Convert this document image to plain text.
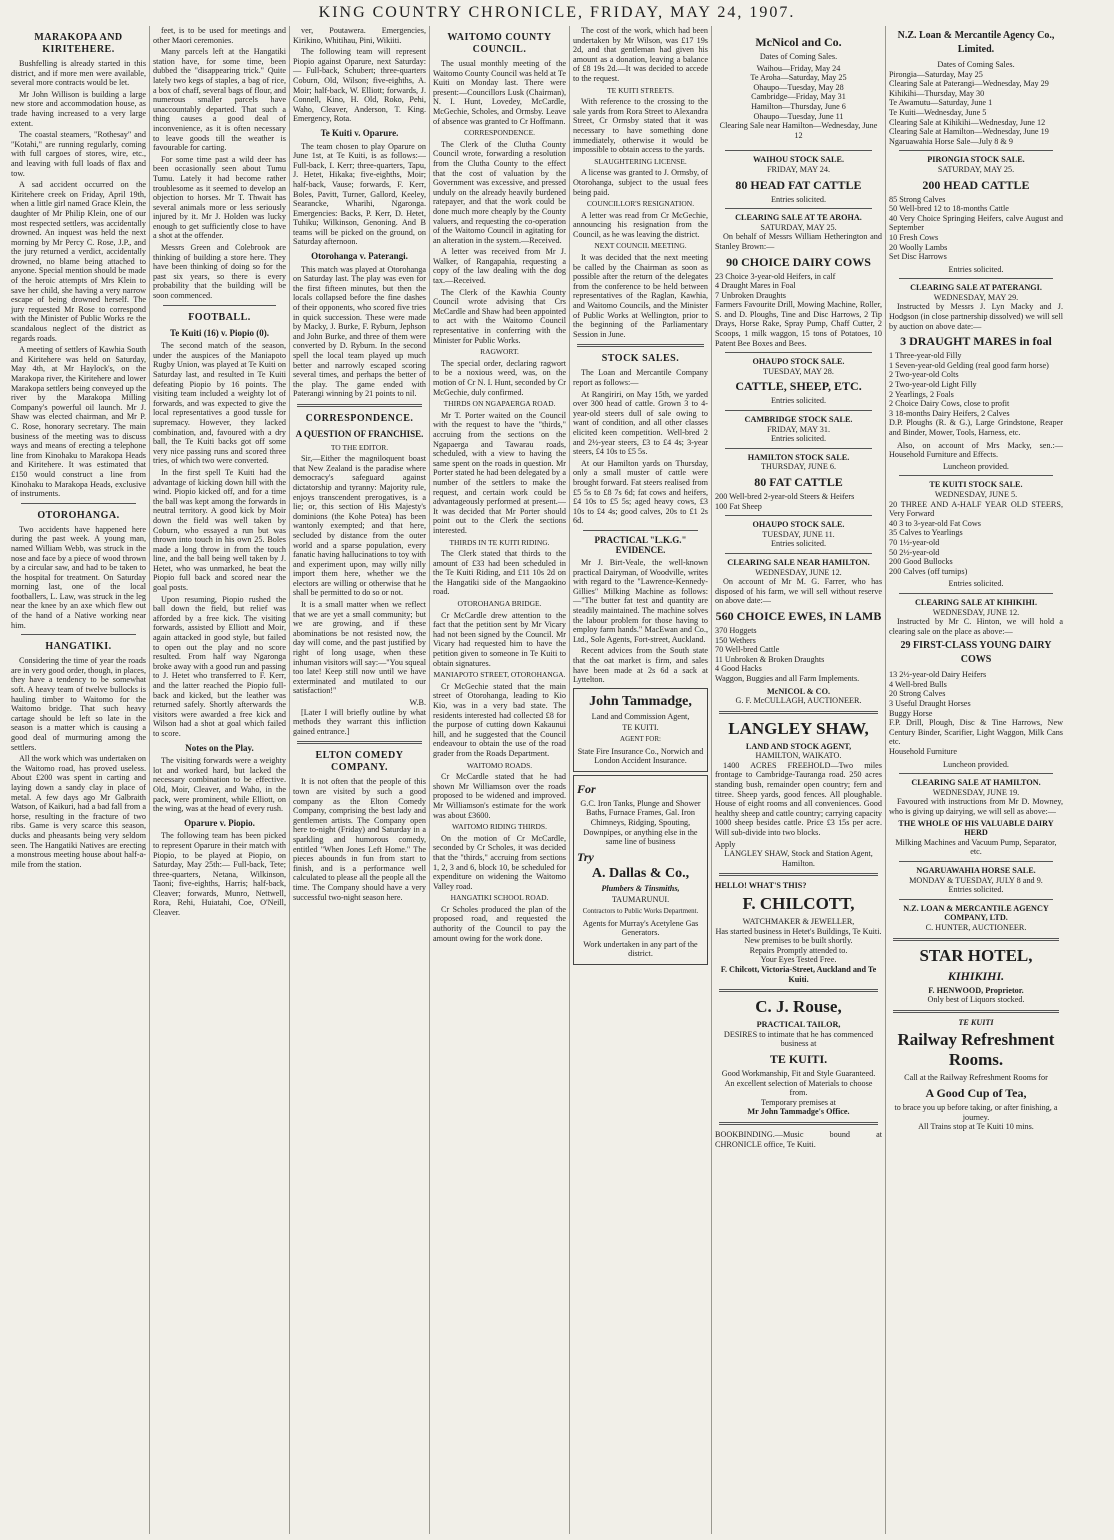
KING COUNTRY CHRONICLE, FRIDAY, MAY 24, 1907.
MARAKOPA AND KIRITEHERE.

Bushfelling is already started in this district, and if more men were available, several more contracts would be let.

Mr John Willison is building a large new store and accommodation house, as trade having increased to a very large extent.

The coastal steamers, "Rothesay" and "Kotahi," are running regularly, coming with full cargoes of stores, wire, etc., and leaving with full loads of flax and tow.

A sad accident occurred on the Kiritehere creek on Friday, April 19th, when a little girl named Grace Klein, the daughter of Mr Philip Klein, one of our most respected settlers, was accidentally drowned. An inquest was held the next morning by Mr Percy C. Rose, J.P., and the jury returned a verdict, accidentally drowned, no blame being attached to anyone. Special mention should be made of the heroic attempts of Mrs Klein to save her child, she having a very narrow escape of being drowned herself. The jury requested Mr Rose to correspond with the Minister of Public Works re the scandalous neglect of the district as regards roads.

A meeting of settlers of Kawhia South and Kiritehere was held on Saturday, May 4th, at Mr Haylock's, on the Marakopa river, the Kiritehere and lower Marakopa settlers being conveyed up the river by the Marakopa Milling Company's powerful oil launch. Mr J. Shaw was elected chairman, and Mr P. C. Rose, honorary secretary. The main business of the meeting was to discuss ways and means of erecting a telephone line from Kinohaku to Marakopa Heads and Kiritehere. It was estimated that £150 would construct a line from Kinohaku to Marakopa Heads, exclusive of instruments.

OTOROHANGA.

Two accidents have happened here during the past week. A young man, named William Webb, was struck in the nose and face by a piece of wood thrown by a circular saw, and had to be taken to the hospital for treatment. On Saturday morning last, one of the local footballers, L. Law, was struck in the leg near the knee by an axe which flew out of the hand of a Native working near him.

HANGATIKI.

Considering the time of year the roads are in very good order, though, in places, they have a tendency to be somewhat soft. A heavy team of twelve bullocks is hauling timber to Waitomo for the Waitomo bridge. That such heavy cartage should be left so late in the season is a matter which is causing a good deal of murmuring among the settlers.

All the work which was undertaken on the Waitomo road, has proved useless. About £200 was spent in carting and laying down a sandy clay in place of metal. A few days ago Mr Galbraith Watson, of Kaikuri, had a bad fall from a horse, resulting in the fracture of two ribs. Game is very scarce this season, ducks and pheasants being very seldom seen. The Hangatiki Natives are erecting a monstrous meeting house about half-a-mile from the station.

feet, is to be used for meetings and other Maori ceremonies.

Many parcels left at the Hangatiki station have, for some time, been dubbed the "disappearing trick." Quite lately two kegs of staples, a bag of rice, a box of chaff, several bags of flour, and numerous smaller parcels have unaccountably departed. That such a thing causes a good deal of inconvenience, as it is often necessary to leave goods till the weather is favourable for carting.

For some time past a wild deer has been occasionally seen about Tumu Tumu. Lately it had become rather troublesome as it seemed to develop an objection to horses. Mr T. Thwait has several animals more or less seriously injured by it. Mr J. Holden was lucky enough to get sufficiently close to have a shot at the offender.

Messrs Green and Colebrook are thinking of building a store here. They have been thinking of doing so for the past six years, so there is every probability that the building will be soon commenced.

FOOTBALL.
Te Kuiti (16) v. Piopio (0).

The second match of the season, under the auspices of the Maniapoto Rugby Union, was played at Te Kuiti on Saturday last, and resulted in Te Kuiti defeating Piopio by 16 points. The visiting team included a weighty lot of forwards, and was expected to give the local representatives a good tussle for supremacy. However, they lacked combination, and, favoured with a dry ball, the Te Kuiti backs got off some very nice passing runs and scored three tries, of which two were converted.

In the first spell Te Kuiti had the advantage of kicking down hill with the wind. Piopio kicked off, and for a time the ball was kept among the forwards in neutral territory. A good kick by Moir down the field was well taken by Coburn, who essayed a run but was thrown into touch in his own 25. Boles made a long throw in from the touch line, and the ball being well taken by J. Hetet, who was unmarked, he beat the Piopio full back and scored near the goal posts.

Upon resuming, Piopio rushed the ball down the field, but relief was afforded by a free kick. The visiting forwards, assisted by Elliott and Moir, again attacked in good style, but failed to open out the play and no score resulted. From half way Ngaronga broke away with a good run and passing to J. Hetet who transferred to F. Kerr, and the latter reached the Piopio full-back and kicked, but the leather was returned safely. Shortly afterwards the visitors were awarded a free kick and Wilson had a shot at goal which failed to score.

Notes on the Play.

The visiting forwards were a weighty lot and worked hard, but lacked the necessary combination to be effective. Old, Moir, Cleaver, and Waho, in the pack, were prominent, while Elliott, on the wing, was at the head of every rush.

Oparure v. Piopio.

The following team has been picked to represent Oparure in their match with Piopio, to be played at Piopio, on Saturday, May 25th:— Full-back, Tete; three-quarters, Netana, Wilkinson, Taoni; five-eighths, Harris; half-back, Cleaver; forwards, Munro, Nettwell, Rora, Rehi, Huiatahi, Coe, O'Neill, Cleaver.

ver, Poutawera. Emergencies, Kirikino, Whitihau, Pini, Wikiiti.

The following team will represent Piopio against Oparure, next Saturday:— Full-back, Schubert; three-quarters Coburn, Old, Wilson; five-eighths, A. Moir; half-back, W. Elliott; forwards, J. Connell, Kino, H. Old, Roko, Pehi, Waho, Cleaver, Anderson, T. King. Emergency, Rota.

Te Kuiti v. Oparure.

The team chosen to play Oparure on June 1st, at Te Kuiti, is as follows:— Full-back, I. Kerr; three-quarters, Tapu, J. Hetet, Hikaka; five-eighths, Moir; half-back, Vause; forwards, F. Kerr, Boles, Pavitt, Turner, Gallord, Keeley, Searancke, Wharihi, Ngaronga. Emergencies: Backs, P. Kerr, D. Hetet, Tuhiku; Wilkinson, Genoning. And B teams will be picked on the ground, on Saturday afternoon.

Otorohanga v. Paterangi.

This match was played at Otorohanga on Saturday last. The play was even for the first fifteen minutes, but then the locals collapsed before the fine dashes of their opponents, who scored five tries in quick succession. These were made by Macky, J. Burke, F. Ryburn, Jephson and John Burke, and three of them were converted by D. Ryburn. In the second spell the local team played up much better and narrowly escaped scoring several times, and perhaps the better of the play. The game ended with Paterangi winning by 21 points to nil.

CORRESPONDENCE.
A QUESTION OF FRANCHISE.
TO THE EDITOR.

Sir,—Either the magniloquent boast that New Zealand is the paradise where democracy's safeguard against dictatorship and tyranny: Majority rule, enjoys transcendent prerogatives, is a lie; or, this section of His Majesty's dominions (the Kohe Potea) has been wantonly exempted; and that here, secluded by distance from the outer world and a sparse population, every fanatic having hallucinations to toy with and experiment upon, may willy nilly import them here, whether we the electors are willing or otherwise that he shall be permitted to do so or not.

It is a small matter when we reflect that we are yet a small community; but we are growing, and if these abominations be not resisted now, the day will come, and the past justified by right of long usage, when these inhuman visitors will say:—"You squeal too late! Keep still now until we have exterminated and mutilated to our satisfaction!"

W.B.

[Later I will briefly outline by what methods they warrant this infliction gained entrance.]

ELTON COMEDY COMPANY.

It is not often that the people of this town are visited by such a good company as the Elton Comedy Company, comprising the best lady and gentlemen artists. The Company open here to-night (Friday) and Saturday in a sparkling and humorous comedy, entitled "When Jones Left Home." The pieces abounds in fun from start to finish, and is a performance well calculated to please all the people all the time. The Company should have a very successful two-night season here.

WAITOMO COUNTY COUNCIL.

The usual monthly meeting of the Waitomo County Council was held at Te Kuiti on Monday last. There were present:—Councillors Lusk (Chairman), N. I. Hunt, Lovedey, McCardle, McGechie, Scholes, and Ormsby. Leave of absence was granted to Cr Hoffmann.

CORRESPONDENCE.

The Clerk of the Clutha County Council wrote, forwarding a resolution from the Clutha County to the effect that the cost of valuation by the Government was excessive, and pressed unduly on the already heavily burdened ratepayer, and that the work could be done much more cheaply by the County valuers, and requesting the co-operation of the Waitomo Council in agitating for an alteration in the system.—Received.

A letter was received from Mr J. Walker, of Rangapahia, requesting a copy of the law dealing with the dog tax.—Received.

The Clerk of the Kawhia County Council wrote advising that Crs McCardle and Shaw had been appointed to act with the Waitomo Council representative in conferring with the Minister for Public Works.

RAGWORT.

The special order, declaring ragwort to be a noxious weed, was, on the motion of Cr N. I. Hunt, seconded by Cr McGechie, duly confirmed.

THIRDS ON NGAPAERGA ROAD.

Mr T. Porter waited on the Council with the request to have the "thirds," accruing from the sections on the Ngapaerga and Tawarau roads, scheduled, with a view to having the same spent on the roads in question. Mr Porter stated he had been delegated by a number of the settlers to make the request, and certain work could be advantageously performed at present.—It was decided that Mr Porter should point out to the Clerk the sections interested.

THIRDS IN TE KUITI RIDING.

The Clerk stated that thirds to the amount of £33 had been scheduled in the Te Kuiti Riding, and £11 10s 2d on the Hangatiki side of the Mangaokino road.

OTOROHANGA BRIDGE.

Cr McCardle drew attention to the fact that the petition sent by Mr Vicary had not been signed by the Council. Mr Vicary had requested him to have the petition given to someone in Te Kuiti to obtain signatures.

MANIAPOTO STREET, OTOROHANGA.

Cr McGechie stated that the main street of Otorohanga, leading to Kio Kio, was in a very bad state. The residents interested had collected £8 for the purpose of cutting down Kakaunui hill, and he suggested that the Council endeavour to obtain the use of the road grader from the Roads Department.

WAITOMO ROADS.

Cr McCardle stated that he had shown Mr Williamson over the roads proposed to be widened and improved. Mr Williamson's estimate for the work was about £3600.

WAITOMO RIDING THIRDS.

On the motion of Cr McCardle, seconded by Cr Scholes, it was decided that the "thirds," accruing from sections 1, 2, 3 and 6, block 10, be scheduled for expenditure on widening the Waitomo Valley road.

HANGATIKI SCHOOL ROAD.

Cr Scholes produced the plan of the proposed road, and requested the authority of the Council to pay the amount owing for the work done.

The cost of the work, which had been undertaken by Mr Wilson, was £17 19s 2d, and that gentleman had given his amount as a donation, leaving a balance of £8 19s 2d.—It was decided to accede to the request.

TE KUITI STREETS.

With reference to the crossing to the sale yards from Rora Street to Alexandra Street, Cr Ormsby stated that it was necessary to have something done immediately, otherwise it would be impossible to obtain access to the yards.

SLAUGHTERING LICENSE.

A license was granted to J. Ormsby, of Otorohanga, subject to the usual fees being paid.

COUNCILLOR'S RESIGNATION.

A letter was read from Cr McGechie, announcing his resignation from the Council, as he was leaving the district.

NEXT COUNCIL MEETING.

It was decided that the next meeting be called by the Chairman as soon as possible after the return of the delegates from the conference to be held between representatives of the Raglan, Kawhia, and Waitomo Councils, and the Minister of Public Works at Wellington, prior to the beginning of the Parliamentary Session in June.

STOCK SALES.

The Loan and Mercantile Company report as follows:—

At Rangiriri, on May 15th, we yarded over 300 head of cattle. Grown 3 to 4-year-old steers dull of sale owing to want of condition, and all other classes elicited keen competition. Well-bred 2 and 2½-year steers, £3 to £4 4s; 3-year steers, £4 10s to £5 5s.

At our Hamilton yards on Thursday, only a small muster of cattle were brought forward. Fat steers realised from £5 5s to £8 7s 6d; fat cows and heifers, £4 10s to £5 5s; aged heavy cows, £3 10s to £4 4s; good calves, 20s to £1 2s 6d.

PRACTICAL "L.K.G." EVIDENCE.

Mr J. Birt-Veale, the well-known practical Dairyman, of Woodville, writes with regard to the "Lawrence-Kennedy-Gillies" Milking Machine as follows:—"The butter fat test and quantity are steadily maintained. The machine solves the labour problem for those having to employ farm hands." MacEwan and Co., Ltd., Sole Agents, Fort-street, Auckland.

Recent advices from the South state that the oat market is firm, and sales have been made at 2s 6d a sack at Lyttelton.

John Tammadge,

Land and Commission Agent,

TE KUITI.

AGENT FOR:

State Fire Insurance Co., Norwich and London Accident Insurance.

For

G.C. Iron Tanks, Plunge and Shower Baths, Furnace Frames, Gal. Iron Chimneys, Ridging, Spouting, Downpipes, or anything else in the same line of business

Try
A. Dallas & Co.,

Plumbers & Tinsmiths,

TAUMARUNUI.

Contractors to Public Works Department.

Agents for Murray's Acetylene Gas Generators.

Work undertaken in any part of the district.

McNicol and Co.

Dates of Coming Sales.

Waihou—Friday, May 24
Te Aroha—Saturday, May 25
Ohaupo—Tuesday, May 28
Cambridge—Friday, May 31
Hamilton—Thursday, June 6
Ohaupo—Tuesday, June 11
Clearing Sale near Hamilton—Wednesday, June 12
WAIHOU STOCK SALE.
FRIDAY, MAY 24.
80 HEAD FAT CATTLE
Entries solicited.
CLEARING SALE AT TE AROHA.
SATURDAY, MAY 25.

On behalf of Messrs William Hetherington and Stanley Brown:—

90 CHOICE DAIRY COWS
23 Choice 3-year-old Heifers, in calf
4 Draught Mares in Foal
7 Unbroken Draughts
Farmers Favourite Drill, Mowing Machine, Roller, S. and D. Ploughs, Tine and Disc Harrows, 2 Tip Drays, Horse Rake, Spray Pump, Chaff Cutter, 2 Scoops, 1 milk waggon, 15 tons of Potatoes, 10 Patent Bee Boxes and Bees.
OHAUPO STOCK SALE.
TUESDAY, MAY 28.
CATTLE, SHEEP, ETC.
Entries solicited.
CAMBRIDGE STOCK SALE.
FRIDAY, MAY 31.
Entries solicited.
HAMILTON STOCK SALE.
THURSDAY, JUNE 6.
80 FAT CATTLE
200 Well-bred 2-year-old Steers & Heifers
100 Fat Sheep
OHAUPO STOCK SALE.
TUESDAY, JUNE 11.
Entries solicited.
CLEARING SALE NEAR HAMILTON.
WEDNESDAY, JUNE 12.

On account of Mr M. G. Farrer, who has disposed of his farm, we will sell without reserve on above date:—

560 CHOICE EWES, IN LAMB
370 Hoggets
150 Wethers
70 Well-bred Cattle
11 Unbroken & Broken Draughts
4 Good Hacks
Waggon, Buggies and all Farm Implements.
McNICOL & CO.
G. F. McCULLAGH, AUCTIONEER.
LANGLEY SHAW,
LAND AND STOCK AGENT,
HAMILTON, WAIKATO.

1400 ACRES FREEHOLD—Two miles frontage to Cambridge-Tauranga road. 250 acres standing bush, remainder open country; fern and titree. Sheep yards, good fences. All ploughable. House of eight rooms and all conveniences. Good healthy sheep and cattle country; carrying capacity 1000 sheep besides cattle. Price £3 15s per acre. Will sub-divide into two blocks.

Apply
LANGLEY SHAW, Stock and Station Agent, Hamilton.
HELLO! WHAT'S THIS?
F. CHILCOTT,
WATCHMAKER & JEWELLER,
Has started business in Hetet's Buildings, Te Kuiti.
New premises to be built shortly.
Repairs Promptly attended to.
Your Eyes Tested Free.
F. Chilcott, Victoria-Street, Auckland and Te Kuiti.
C. J. Rouse,
PRACTICAL TAILOR,
DESIRES to intimate that he has commenced business at
TE KUITI.
Good Workmanship, Fit and Style Guaranteed.
An excellent selection of Materials to choose from.
Temporary premises at
Mr John Tammadge's Office.
BOOKBINDING.—Music bound at CHRONICLE office, Te Kuiti.
N.Z. Loan & Mercantile Agency Co., Limited.
Dates of Coming Sales.
Pirongia—Saturday, May 25
Clearing Sale at Paterangi—Wednesday, May 29
Kihikihi—Thursday, May 30
Te Awamutu—Saturday, June 1
Te Kuiti—Wednesday, June 5
Clearing Sale at Kihikihi—Wednesday, June 12
Clearing Sale at Hamilton—Wednesday, June 19
Ngaruawahia Horse Sale—July 8 & 9
PIRONGIA STOCK SALE.
SATURDAY, MAY 25.
200 HEAD CATTLE
85 Strong Calves
50 Well-bred 12 to 18-months Cattle
40 Very Choice Springing Heifers, calve August and September
10 Fresh Cows
20 Woolly Lambs
Set Disc Harrows
Entries solicited.
CLEARING SALE AT PATERANGI.
WEDNESDAY, MAY 29.

Instructed by Messrs J. Lyn Macky and J. Hodgson (in close partnership dissolved) we will sell by auction on above date:—

3 DRAUGHT MARES in foal
1 Three-year-old Filly
1 Seven-year-old Gelding (real good farm horse)
2 Two-year-old Colts
2 Two-year-old Light Filly
2 Yearlings, 2 Foals
2 Choice Dairy Cows, close to profit
3 18-months Dairy Heifers, 2 Calves
D.P. Ploughs (R. & G.), Large Grindstone, Reaper and Binder, Mower, Tools, Harness, etc.

Also, on account of Mrs Macky, sen.:— Household Furniture and Effects.

Luncheon provided.
TE KUITI STOCK SALE.
WEDNESDAY, JUNE 5.
20 THREE AND A-HALF YEAR OLD STEERS, Very Forward
40 3 to 3-year-old Fat Cows
35 Calves to Yearlings
70 1½-year-old
50 2½-year-old
200 Good Bullocks
200 Calves (off turnips)
Entries solicited.
CLEARING SALE AT KIHIKIHI.
WEDNESDAY, JUNE 12.

Instructed by Mr C. Hinton, we will hold a clearing sale on the place as above:—

29 FIRST-CLASS YOUNG DAIRY COWS
13 2½-year-old Dairy Heifers
4 Well-bred Bulls
20 Strong Calves
3 Useful Draught Horses
Buggy Horse
F.P. Drill, Plough, Disc & Tine Harrows, New Century Binder, Scarifier, Light Waggon, Milk Cans etc.
Household Furniture
Luncheon provided.
CLEARING SALE AT HAMILTON.
WEDNESDAY, JUNE 19.

Favoured with instructions from Mr D. Mowney, who is giving up dairying, we will sell as above:—

THE WHOLE OF HIS VALUABLE DAIRY HERD
Milking Machines and Vacuum Pump, Separator, etc.
NGARUAWAHIA HORSE SALE.
MONDAY & TUESDAY, JULY 8 and 9.
Entries solicited.
N.Z. LOAN & MERCANTILE AGENCY COMPANY, LTD.
C. HUNTER, AUCTIONEER.
STAR HOTEL,
KIHIKIHI.
F. HENWOOD, Proprietor.
Only best of Liquors stocked.
TE KUITI
Railway Refreshment Rooms.
Call at the Railway Refreshment Rooms for
A Good Cup of Tea,
to brace you up before taking, or after finishing, a journey.
All Trains stop at Te Kuiti 10 mins.
